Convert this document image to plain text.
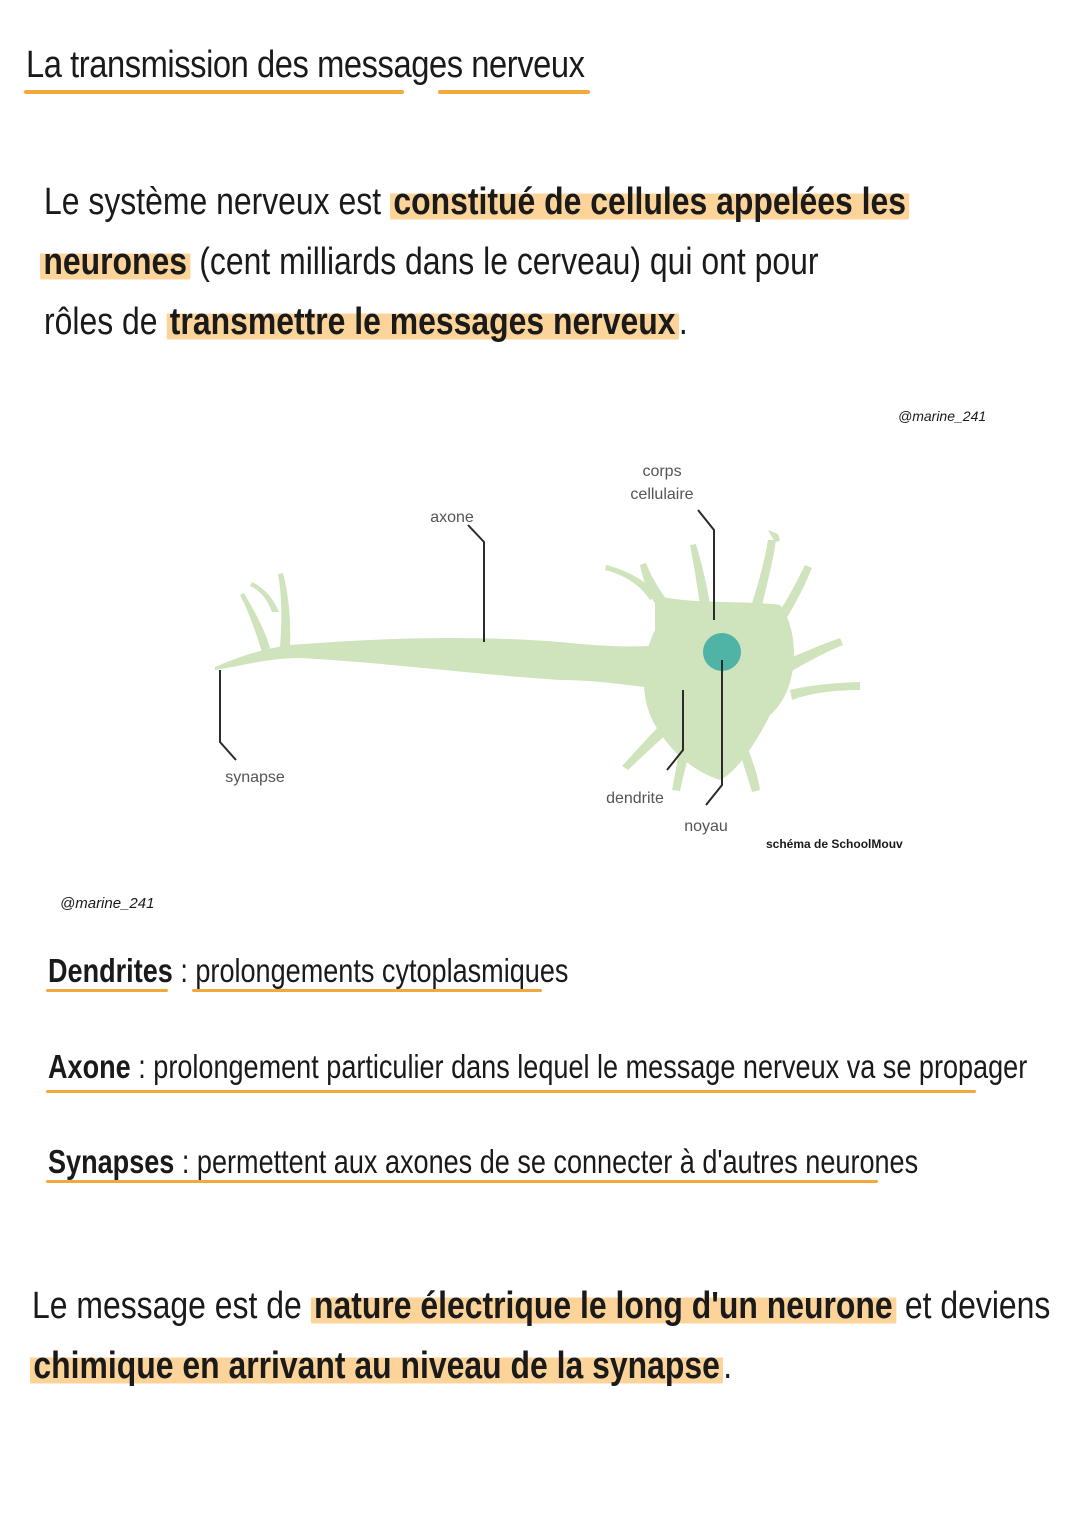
La transmission des messages nerveux

Le système nerveux est constitué de cellules appelées les

neurones (cent milliards dans le cerveau) qui ont pour

rôles de transmettre le messages nerveux.

@marine_241
corps
cellulaire
axone
synapse
dendrite
noyau
schéma de SchoolMouv
@marine_241

Dendrites : prolongements cytoplasmiques

Axone : prolongement particulier dans lequel le message nerveux va se propager

Synapses : permettent aux axones de se connecter à d'autres neurones

Le message est de nature électrique le long d'un neurone et deviens

chimique en arrivant au niveau de la synapse.
